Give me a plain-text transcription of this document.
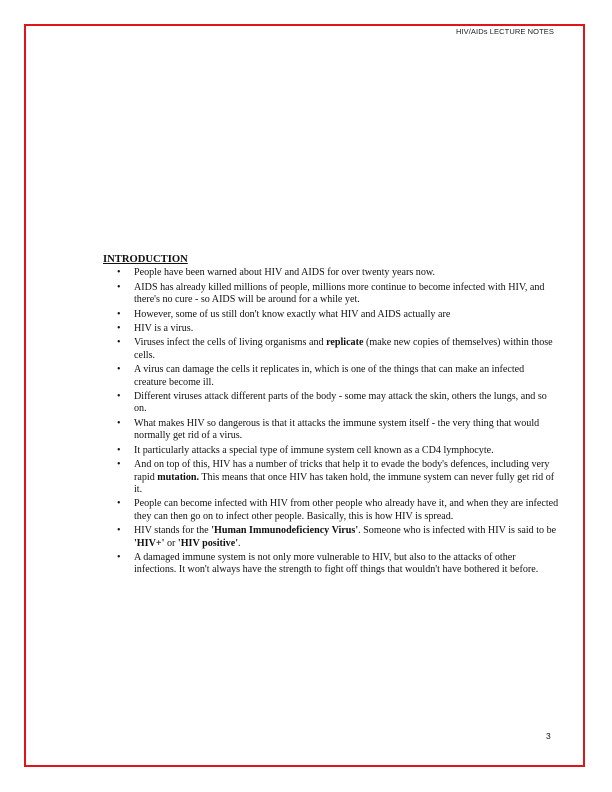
HIV/AIDs LECTURE NOTES
INTRODUCTION
• People have been warned about HIV and AIDS for over twenty years now.
• AIDS has already killed millions of people, millions more continue to become infected with HIV, and there's no cure - so AIDS will be around for a while yet.
• However, some of us still don't know exactly what HIV and AIDS actually are
• HIV is a virus.
• Viruses infect the cells of living organisms and replicate (make new copies of themselves) within those cells.
• A virus can damage the cells it replicates in, which is one of the things that can make an infected creature become ill.
• Different viruses attack different parts of the body - some may attack the skin, others the lungs, and so on.
• What makes HIV so dangerous is that it attacks the immune system itself - the very thing that would normally get rid of a virus.
• It particularly attacks a special type of immune system cell known as a CD4 lymphocyte.
• And on top of this, HIV has a number of tricks that help it to evade the body's defences, including very rapid mutation. This means that once HIV has taken hold, the immune system can never fully get rid of it.
• People can become infected with HIV from other people who already have it, and when they are infected they can then go on to infect other people. Basically, this is how HIV is spread.
• HIV stands for the 'Human Immunodeficiency Virus'. Someone who is infected with HIV is said to be 'HIV+' or 'HIV positive'.
• A damaged immune system is not only more vulnerable to HIV, but also to the attacks of other infections. It won't always have the strength to fight off things that wouldn't have bothered it before.
3
